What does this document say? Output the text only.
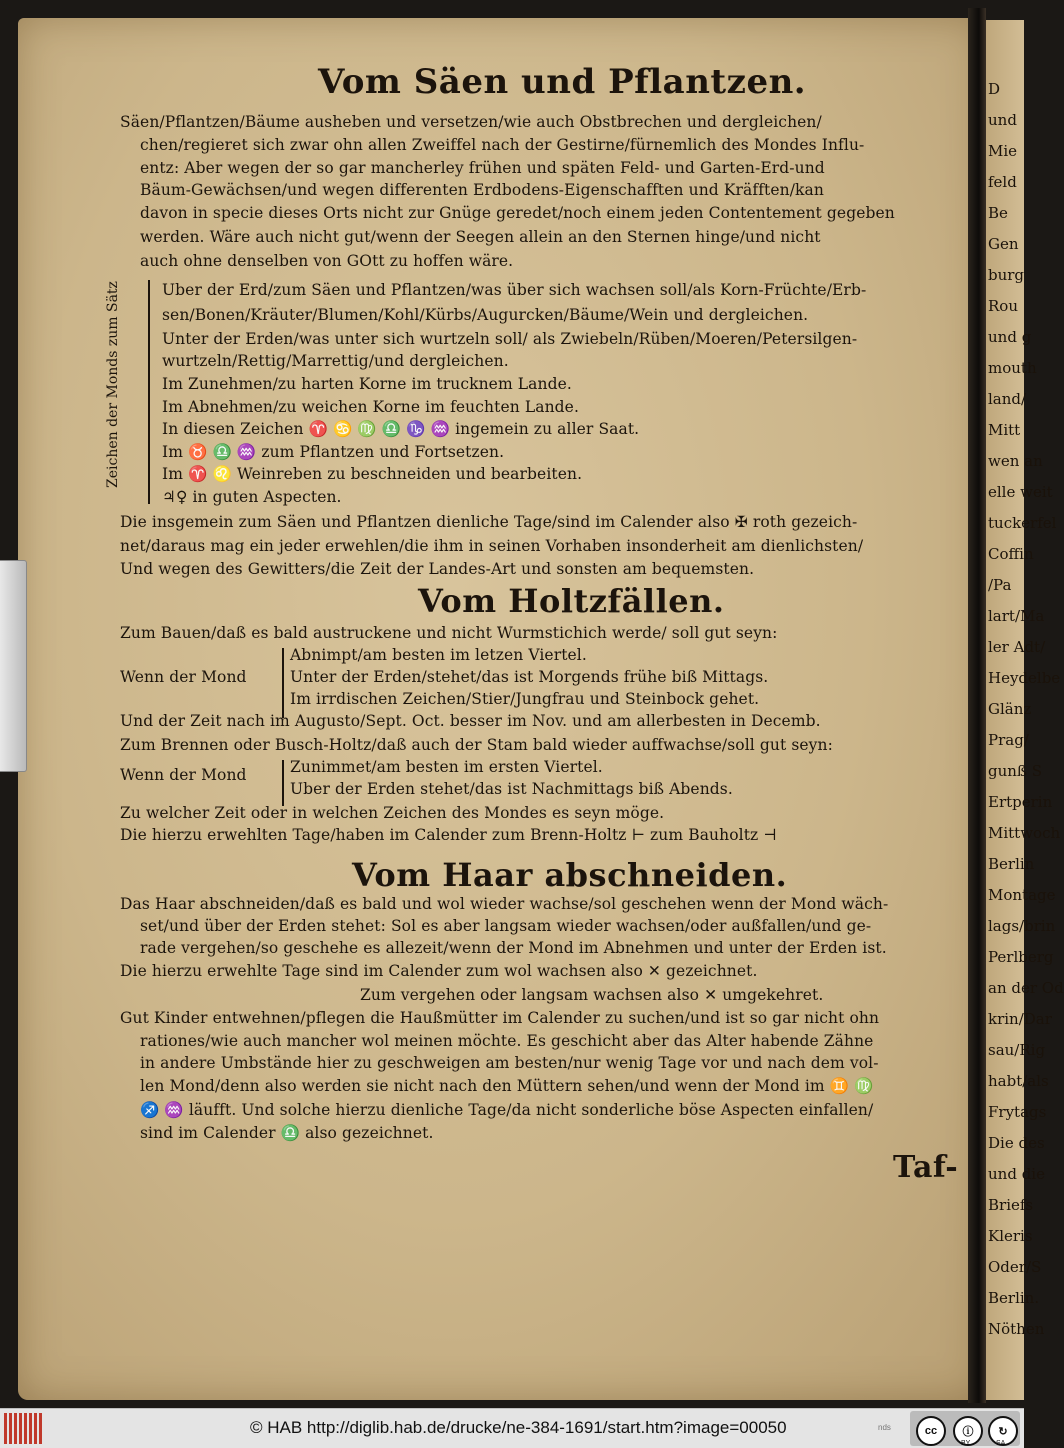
D
und
Mie
feld
Be
Gen
burg
Rou
und g
mouth
land/
Mitt
wen an
elle weit
tuckerfel
Coffin
/Pa
lart/Ma
ler Adt/
Heydelbe
Glänz
Prag/
gunß S
Ertperin
Mittwoch
Berlin
Montage
lags/brin
Perlberg
an der Od
krin/Dar
sau/Rig
habt/als
Frytags
Die des
und die
Briefs
Kleris
Oder/S
Berlin.
Nöthen
Vom Säen und Pflantzen.
Vom Holtzfällen.
Vom Haar abschneiden.
Säen/Pflantzen/Bäume ausheben und versetzen/wie auch Obstbrechen und dergleichen/
chen/regieret sich zwar ohn allen Zweiffel nach der Gestirne/fürnemlich des Mondes Influ-
entz: Aber wegen der so gar mancherley frühen und späten Feld- und Garten-Erd-und
Bäum-Gewächsen/und wegen differenten Erdbodens-Eigenschafften und Kräfften/kan
davon in specie dieses Orts nicht zur Gnüge geredet/noch einem jeden Contentement gegeben
werden. Wäre auch nicht gut/wenn der Seegen allein an den Sternen hinge/und nicht
auch ohne denselben von GOtt zu hoffen wäre.
Uber der Erd/zum Säen und Pflantzen/was über sich wachsen soll/als Korn-Früchte/Erb-
sen/Bonen/Kräuter/Blumen/Kohl/Kürbs/Augurcken/Bäume/Wein und dergleichen.
Unter der Erden/was unter sich wurtzeln soll/ als Zwiebeln/Rüben/Moeren/Petersilgen-
wurtzeln/Rettig/Marrettig/und dergleichen.
Im Zunehmen/zu harten Korne im trucknem Lande.
Im Abnehmen/zu weichen Korne im feuchten Lande.
In diesen Zeichen ♈ ♋ ♍ ♎ ♑ ♒ ingemein zu aller Saat.
Im ♉ ♎ ♒ zum Pflantzen und Fortsetzen.
Im ♈ ♌ Weinreben zu beschneiden und bearbeiten.
♃♀ in guten Aspecten.
Die insgemein zum Säen und Pflantzen dienliche Tage/sind im Calender also ✠ roth gezeich-
net/daraus mag ein jeder erwehlen/die ihm in seinen Vorhaben insonderheit am dienlichsten/
Und wegen des Gewitters/die Zeit der Landes-Art und sonsten am bequemsten.
Zum Bauen/daß es bald austruckene und nicht Wurmstichich werde/ soll gut seyn:
Abnimpt/am besten im letzen Viertel.
Wenn der Mond	Unter der Erden/stehet/das ist Morgends frühe biß Mittags.
Im irrdischen Zeichen/Stier/Jungfrau und Steinbock gehet.
Und der Zeit nach im Augusto/Sept. Oct. besser im Nov. und am allerbesten in Decemb.
Zum Brennen oder Busch-Holtz/daß auch der Stam bald wieder auffwachse/soll gut seyn:
Wenn der Mond	Zunimmet/am besten im ersten Viertel.
Uber der Erden stehet/das ist Nachmittags biß Abends.
Zu welcher Zeit oder in welchen Zeichen des Mondes es seyn möge.
Die hierzu erwehlten Tage/haben im Calender zum Brenn-Holtz ⊢ zum Bauholtz ⊣
Das Haar abschneiden/daß es bald und wol wieder wachse/sol geschehen wenn der Mond wäch-
set/und über der Erden stehet: Sol es aber langsam wieder wachsen/oder außfallen/und ge-
rade vergehen/so geschehe es allezeit/wenn der Mond im Abnehmen und unter der Erden ist.
Die hierzu erwehlte Tage sind im Calender zum wol wachsen also ✕ gezeichnet.
Zum vergehen oder langsam wachsen also ✕ umgekehret.
Gut Kinder entwehnen/pflegen die Haußmütter im Calender zu suchen/und ist so gar nicht ohn
rationes/wie auch mancher wol meinen möchte. Es geschicht aber das Alter habende Zähne
in andere Umbstände hier zu geschweigen am besten/nur wenig Tage vor und nach dem vol-
len Mond/denn also werden sie nicht nach den Müttern sehen/und wenn der Mond im ♊ ♍
♐ ♒ läufft. Und solche hierzu dienliche Tage/da nicht sonderliche böse Aspecten einfallen/
sind im Calender ♎ also gezeichnet.
Taf-
Zeichen der Monds zum Sätz
© HAB http://diglib.hab.de/drucke/ne-384-1691/start.htm?image=00050	nds	cc	ⓘ
BY
↻
SA
